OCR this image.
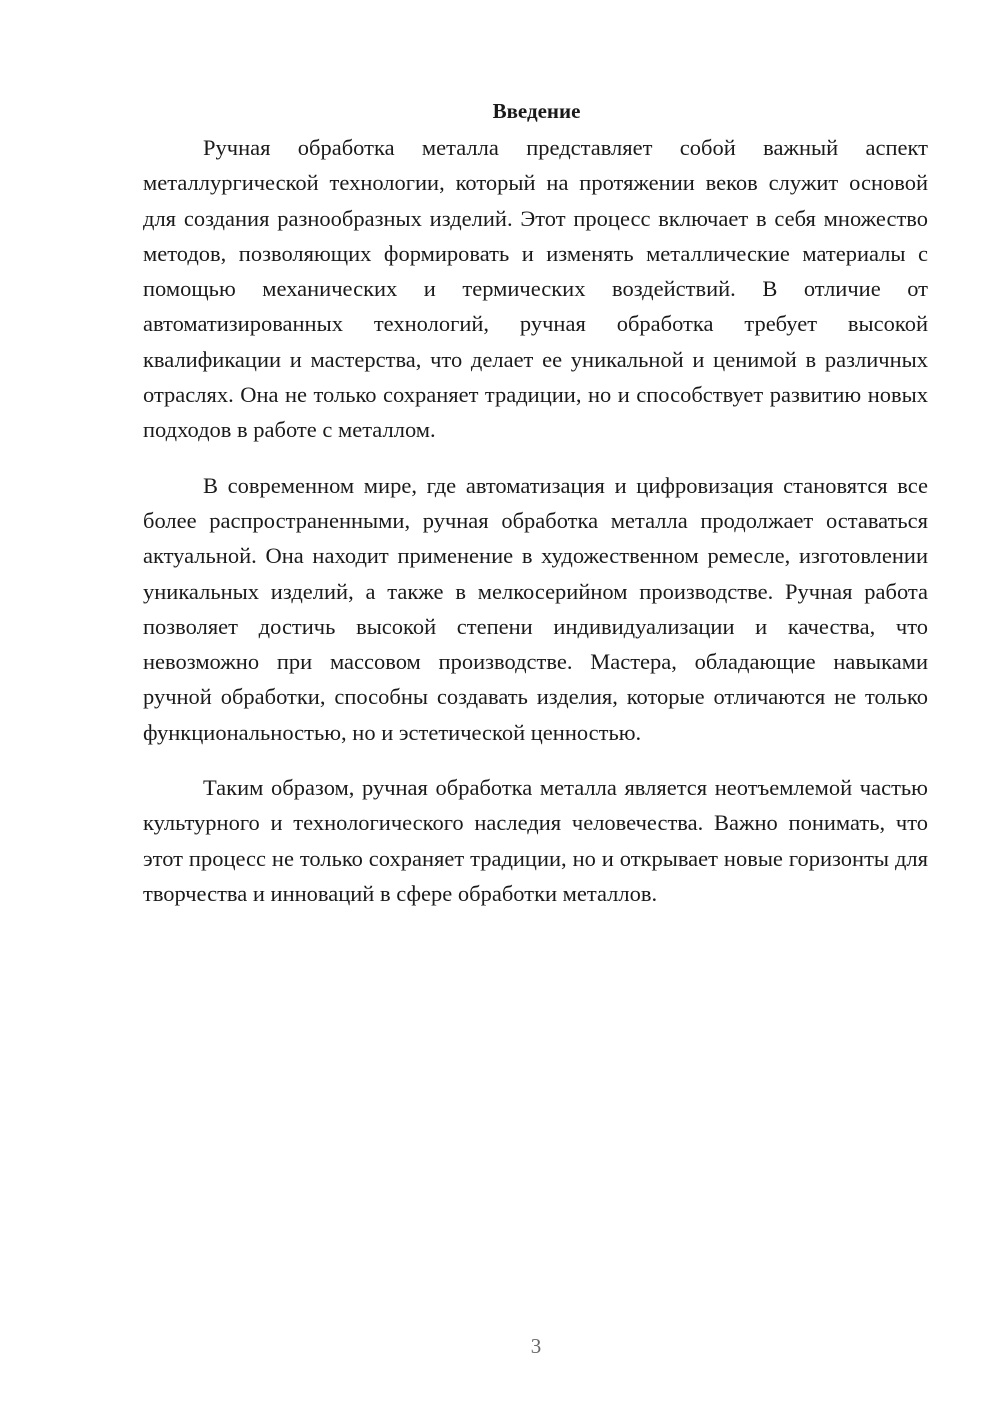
Введение

Ручная обработка металла представляет собой важный аспект металлургической технологии, который на протяжении веков служит основой для создания разнообразных изделий. Этот процесс включает в себя множество методов, позволяющих формировать и изменять металлические материалы с помощью механических и термических воздействий. В отличие от автоматизированных технологий, ручная обработка требует высокой квалификации и мастерства, что делает ее уникальной и ценимой в различных отраслях. Она не только сохраняет традиции, но и способствует развитию новых подходов в работе с металлом.

В современном мире, где автоматизация и цифровизация становятся все более распространенными, ручная обработка металла продолжает оставаться актуальной. Она находит применение в художественном ремесле, изготовлении уникальных изделий, а также в мелкосерийном производстве. Ручная работа позволяет достичь высокой степени индивидуализации и качества, что невозможно при массовом производстве. Мастера, обладающие навыками ручной обработки, способны создавать изделия, которые отличаются не только функциональностью, но и эстетической ценностью.

Таким образом, ручная обработка металла является неотъемлемой частью культурного и технологического наследия человечества. Важно понимать, что этот процесс не только сохраняет традиции, но и открывает новые горизонты для творчества и инноваций в сфере обработки металлов.

3
